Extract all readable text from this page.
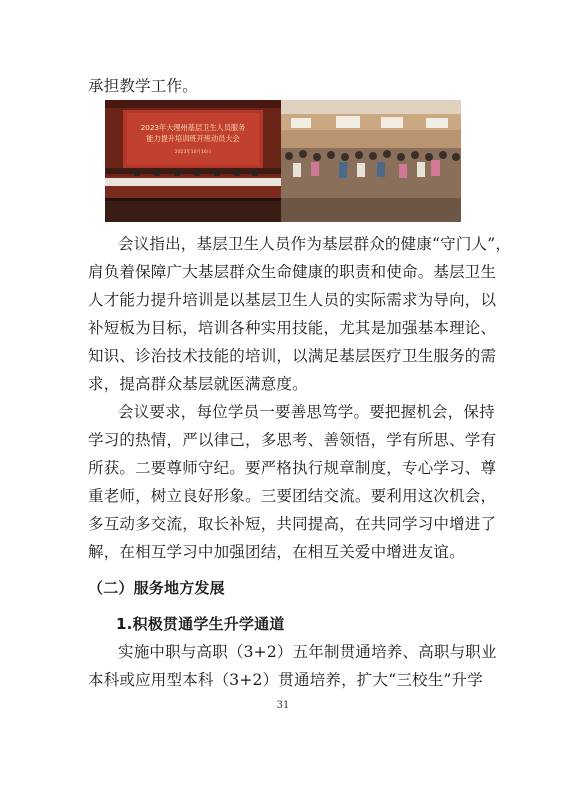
承担教学工作。
2023年大理州基层卫生人员服务
能力提升培训班开班动员大会
2023年10月16日
会议指出，基层卫生人员作为基层群众的健康“守门人”，
肩负着保障广大基层群众生命健康的职责和使命。基层卫生
人才能力提升培训是以基层卫生人员的实际需求为导向，以
补短板为目标，培训各种实用技能，尤其是加强基本理论、
知识、诊治技术技能的培训，以满足基层医疗卫生服务的需
求，提高群众基层就医满意度。
会议要求，每位学员一要善思笃学。要把握机会，保持
学习的热情，严以律己，多思考、善领悟，学有所思、学有
所获。二要尊师守纪。要严格执行规章制度，专心学习、尊
重老师，树立良好形象。三要团结交流。要利用这次机会，
多互动多交流，取长补短，共同提高，在共同学习中增进了
解，在相互学习中加强团结，在相互关爱中增进友谊。
（二）服务地方发展
1.积极贯通学生升学通道
实施中职与高职（3+2）五年制贯通培养、高职与职业
本科或应用型本科（3+2）贯通培养，扩大“三校生”升学
31
